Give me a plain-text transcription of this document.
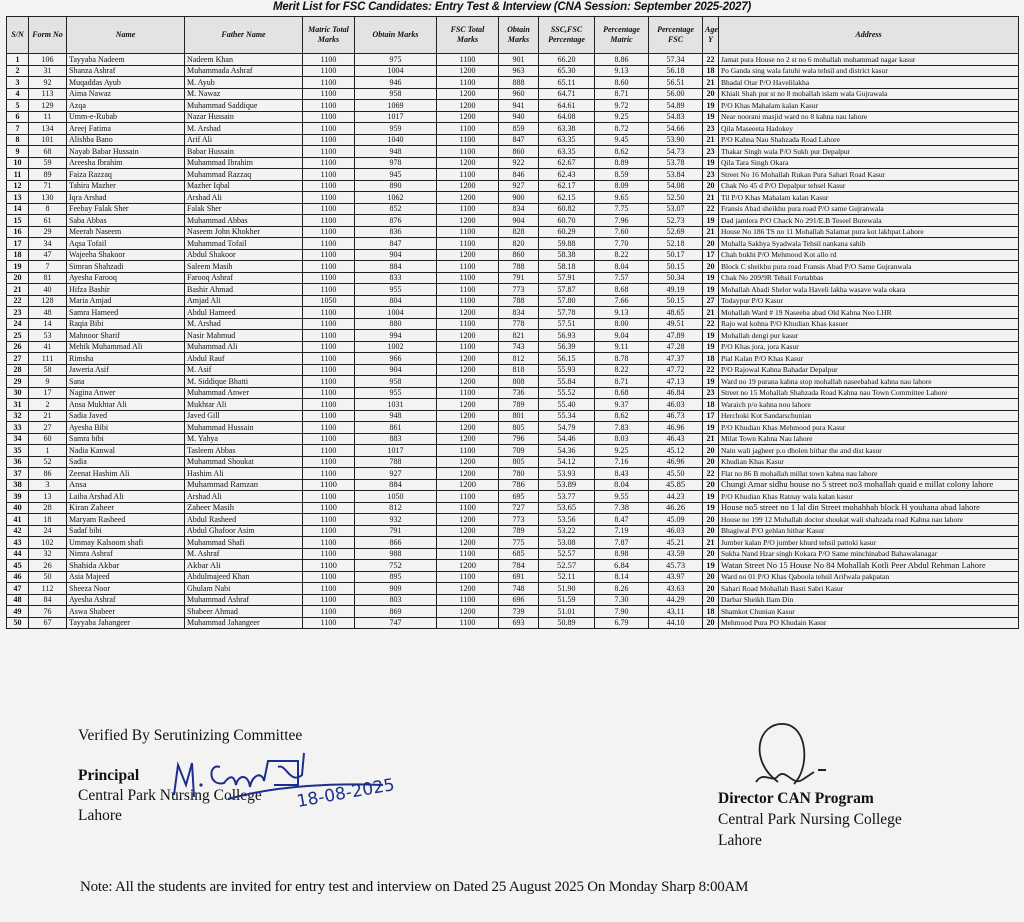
Merit List for FSC Candidates: Entry Test & Interview (CNA Session: September 2025-2027)
S/N	Form No	Name	Father Name	Matric Total Marks	Obtain Marks	FSC Total Marks	Obtain Marks	SSC,FSC Percentage	Percentage Matric	Percentage FSC	Age Y	Address
1	106	Tayyaba Nadeem	Nadeem Khan	1100	975	1100	901	66.20	8.86	57.34	22	Jamat pura House no 2 st no 6 mohallah muhammad nagar kasur
2	31	Shanza Ashraf	Muhammada Ashraf	1100	1004	1200	963	65.30	9.13	56.18	18	Po Ganda sing wala fatuhi wala tehsil and district kasur
3	92	Muqaddas Ayub	M. Ayub	1100	946	1100	888	65.11	8.60	56.51	21	Bhadal Otar P/O Havelilakha
4	113	Aima Nawaz	M. Nawaz	1100	958	1200	960	64.71	8.71	56.00	20	Khiali Shah pur st no 8 mohallah islam wala Gujrawala
5	129	Azqa	Muhammad Saddique	1100	1069	1200	941	64.61	9.72	54.89	19	P/O Khas Mahalam kalan Kasur
6	11	Umm-e-Rubab	Nazar Hussain	1100	1017	1200	940	64.08	9.25	54.83	19	Near noorani masjid ward no 8 kahna nau lahore
7	134	Areej Fatima	M. Arshad	1100	959	1100	859	63.38	8.72	54.66	23	Qila Maseeeta Hadokey
8	101	Alishba Bano	Arif Ali	1100	1040	1100	847	63.35	9.45	53.90	21	P/O Kahna Nau Shahzada Road Lahore
9	68	Nayab Babar Hussain	Babar Hussain	1100	948	1100	860	63.35	8.62	54.73	23	Thakar Singh wala P/O Sukh pur Depalpur
10	59	Areesha Ibrahim	Muhammad Ibrahim	1100	978	1200	922	62.67	8.89	53.78	19	Qila Tara Singh Okara
11	89	Faiza Razzaq	Muhammad Razzaq	1100	945	1100	846	62.43	8.59	53.84	23	Street No 16 Mohallah Rukan Pura Sahari Road Kasur
12	71	Tahira Mazher	Mazher Iqbal	1100	890	1200	927	62.17	8.09	54.08	20	Chak No 45 d P/O Depalpur tehsel Kasur
13	130	Iqra Arshad	Arshad Ali	1100	1062	1200	900	62.15	9.65	52.50	21	Til P/O Khas Mahalam kalan Kasur
14	8	Feebay Falak Sher	Falak Sher	1100	852	1100	834	60.82	7.75	53.07	22	Fransis Abad sheikhu pura road P/O same Gujranwala
15	61	Saba Abbas	Muhammad Abbas	1100	876	1200	904	60.70	7.96	52.73	19	Dad jamlera P/O Chack No 291/E.B Teseel Burewala
16	29	Meerab Naseem	Naseem John Khokher	1100	836	1100	828	60.29	7.60	52.69	21	House No 186 TS no 11 Mohallah Salamat pura kot lakhpat Lahore
17	34	Aqsa Tofail	Muhammad Tofail	1100	847	1100	820	59.88	7.70	52.18	20	Muhalla Sakhya Syadwala Tehsil nankana sahib
18	47	Wajeeha Shakoor	Abdul Shakoor	1100	904	1200	860	58.38	8.22	50.17	17	Chah bukhi P/O Mehmood Kot allo rd
19	7	Simran Shahzadi	Saleem Masih	1100	884	1100	788	58.18	8.04	50.15	20	Block C sheikhu pura road Fransis Abad P/O Same Gujranwala
20	81	Ayesha Farooq	Farooq Ashraf	1100	833	1100	791	57.91	7.57	50.34	19	Chak No 209/9R Tehsil Fortabbas
21	40	Hifza Bashir	Bashir Ahmad	1100	955	1100	773	57.87	8.68	49.19	19	Mohallah Abadi Shelor wala Haveli lakha wasave wala okara
22	128	Maria Amjad	Amjad Ali	1050	804	1100	788	57.80	7.66	50.15	27	Todaypur P/O Kasur
23	48	Samra Hameed	Abdul Hameed	1100	1004	1200	834	57.78	9.13	48.65	21	Mohallah Ward # 19 Naseeba abad Old Kahna Neo LHR
24	14	Raqia Bibi	M. Arshad	1100	880	1100	778	57.51	8.00	49.51	22	Rajo wal kohna P/O Khudian Khas kasuer
25	53	Mahnoor Sharif	Nasir Mahmud	1100	994	1200	821	56.93	9.04	47.89	19	Mohallah dengi pur kasur
26	41	Mehik Muhammad Ali	Muhammad Ali	1100	1002	1100	743	56.39	9.11	47.28	19	P/O Khas jora, jora Kasur
27	111	Rimsha	Abdul Rauf	1100	966	1200	812	56.15	8.78	47.37	18	Pial Kalan P/O Khas Kasur
28	58	Jaweria Asif	M. Asif	1100	904	1200	818	55.93	8.22	47.72	22	P/O Rajowal Kahna Bahadar Depalpur
29	9	Sana	M. Siddique Bhatti	1100	958	1200	808	55.84	8.71	47.13	19	Ward no 19 purana kahna stop mohallah naseebabad kahna nau lahore
30	17	Nagina Anwer	Muhammad Anwer	1100	955	1100	736	55.52	8.68	46.84	23	Street no 15 Mohallah Shahzada Road Kahna nau Town Committee Lahore
31	2	Ansa Mukhtar Ali	Mukhtar Ali	1100	1031	1200	789	55.40	9.37	46.03	18	Waraich p/o kahna nou lahore
32	21	Sadia Javed	Javed Gill	1100	948	1200	801	55.34	8.62	46.73	17	Herchoki Kot Sandarschunian
33	27	Ayesha Bibi	Muhammad Hussain	1100	861	1200	805	54.79	7.83	46.96	19	P/O Khudian Khas Mehmood pura Kasur
34	60	Samra bibi	M. Yahya	1100	883	1200	796	54.46	8.03	46.43	21	Milat Town Kahna Nau lahore
35	1	Nadia Kanwal	Tasleem Abbas	1100	1017	1100	709	54.36	9.25	45.12	20	Nain wali jagheer p.o dholen hithar the and dist kasur
36	52	Sadia	Muhammad Shoukat	1100	788	1200	805	54.12	7.16	46.96	20	Khudian Khas Kasur
37	86	Zeenat Hashim Ali	Hashim Ali	1100	927	1200	780	53.93	8.43	45.50	22	Flat no 86 B mohallah millat town kahna nau lahore
38	3	Ansa	Muhammad Ramzan	1100	884	1200	786	53.89	8.04	45.85	20	Chungi Amar sidhu house no 5 street no3 mohallah quaid e millat colony lahore
39	13	Laiba Arshad Ali	Arshad Ali	1100	1050	1100	695	53.77	9.55	44.23	19	P/O Khudian Khas Ratnay wala kalan kasur
40	28	Kiran Zaheer	Zaheer Masih	1100	812	1100	727	53.65	7.38	46.26	19	House no5 street no 1 lal din Street mohahhah block H youhana abad lahore
41	18	Maryam Rasheed	Abdul Rasheed	1100	932	1200	773	53.56	8.47	45.09	20	House no 199 12 Mohallah doctor shoukat wali shahzada road Kahna nau lahore
42	24	Sadaf bibi	Abdul Ghafoor Asim	1100	791	1200	789	53.22	7.19	46.03	20	Bhagiwal P/O gehlan hithar Kasur
43	102	Ummay Kalsoom shafi	Muhammad Shafi	1100	866	1200	775	53.08	7.87	45.21	21	Jumber kalan P/O jumber khurd tehsil pattoki kasur
44	32	Nimra Ashraf	M. Ashraf	1100	988	1100	685	52.57	8.98	43.59	20	Sukha Nand Hzar singh Kokara P/O Same minchinabad Bahawalanagar
45	26	Shahida Akbar	Akbar Ali	1100	752	1200	784	52.57	6.84	45.73	19	Watan Street No 15 House No 84 Mohallah Kotli Peer Abdul Rehman Lahore
46	50	Asia Majeed	Abdulmajeed Khan	1100	895	1100	691	52.11	8.14	43.97	20	Ward no 01 P/O Khas Qaboola tehsil Arifwala pakpatan
47	112	Sheeza Noor	Ghulam Nabi	1100	909	1200	748	51.90	8.26	43.63	20	Sahari Road Mohallah Basti Sabri Kasur
48	84	Ayesha Ashraf	Muhammad Ashraf	1100	803	1100	696	51.59	7.30	44.29	20	Darbar Sheikh Ilam Din
49	76	Aswa Shabeer	Shabeer Ahmad	1100	869	1200	739	51.01	7.90	43.11	18	Shamkot Chunian Kasur
50	67	Tayyaba Jahangeer	Muhammad Jahangeer	1100	747	1100	693	50.89	6.79	44.10	20	Mehmood Pura PO Khudain Kasur
Verified By Serutinizing Committee
Principal
Central Park Nursing College
Lahore
18-08-2025	Director CAN Program
Central Park Nursing College
Lahore
Note: All the students are invited for entry test and interview on Dated 25 August 2025 On Monday Sharp 8:00AM
